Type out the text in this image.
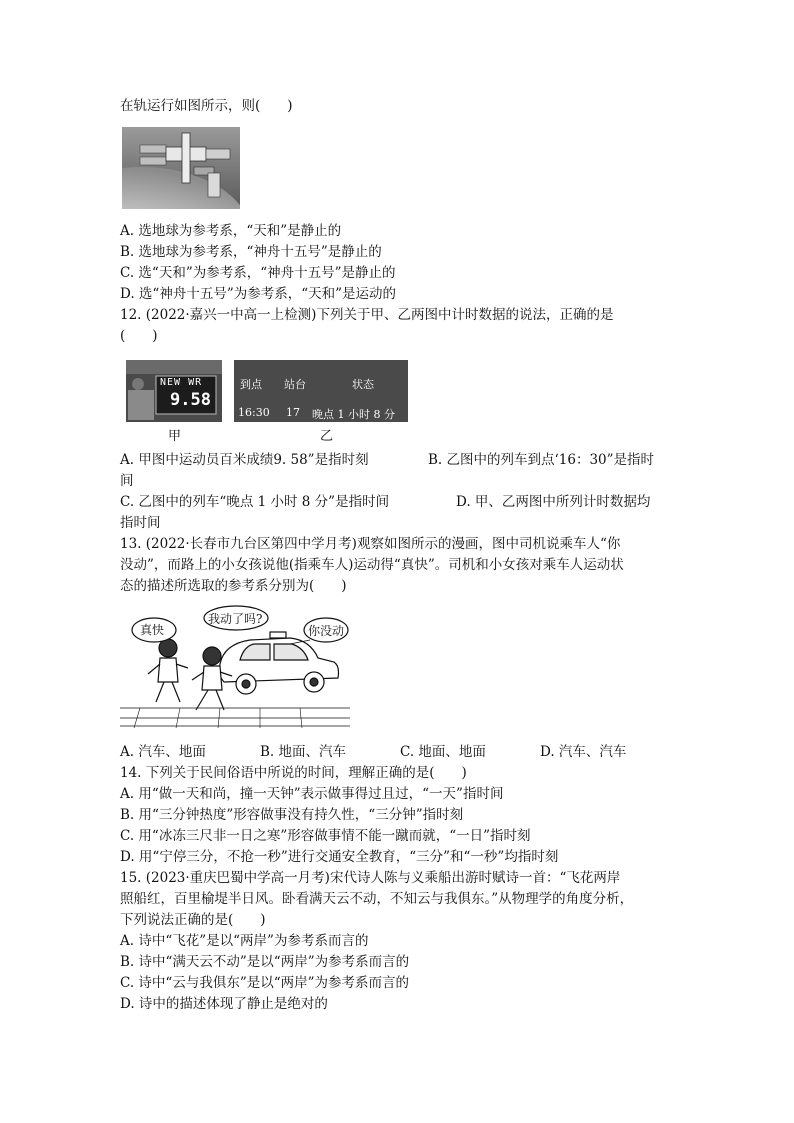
在轨运行如图所示，则(　　)
A. 选地球为参考系，“天和”是静止的
B. 选地球为参考系，“神舟十五号”是静止的
C. 选“天和”为参考系，“神舟十五号”是静止的
D. 选“神舟十五号”为参考系，“天和”是运动的
12. (2022·嘉兴一中高一上检测)下列关于甲、乙两图中计时数据的说法，正确的是
(　　)
NEW WR
9.58
甲
到点 站台	状态
16:30 17 晚点 1 小时 8 分
乙
A. 甲图中运动员百米成绩9. 58”是指时刻	B. 乙图中的列车到点‘16：30”是指时
间
C. 乙图中的列车“晚点 1 小时 8 分”是指时间	D. 甲、乙两图中所列计时数据均
指时间
13. (2022·长春市九台区第四中学月考)观察如图所示的漫画，图中司机说乘车人“你
没动”，而路上的小女孩说他(指乘车人)运动得“真快”。司机和小女孩对乘车人运动状
态的描述所选取的参考系分别为(　　)
真快
我动了吗?
你没动
A. 汽车、地面	B. 地面、汽车	C. 地面、地面	D. 汽车、汽车
14. 下列关于民间俗语中所说的时间，理解正确的是(　　)
A. 用“做一天和尚，撞一天钟”表示做事得过且过，“一天”指时间
B. 用“三分钟热度”形容做事没有持久性，“三分钟”指时刻
C. 用“冰冻三尺非一日之寒”形容做事情不能一蹴而就，“一日”指时刻
D. 用“宁停三分，不抢一秒”进行交通安全教育，“三分”和“一秒”均指时刻
15. (2023·重庆巴蜀中学高一月考)宋代诗人陈与义乘船出游时赋诗一首：“飞花两岸
照船红，百里榆堤半日风。卧看满天云不动，不知云与我俱东。”从物理学的角度分析，
下列说法正确的是(　　)
A. 诗中“飞花”是以“两岸”为参考系而言的
B. 诗中“满天云不动”是以“两岸”为参考系而言的
C. 诗中“云与我俱东”是以“两岸”为参考系而言的
D. 诗中的描述体现了静止是绝对的
